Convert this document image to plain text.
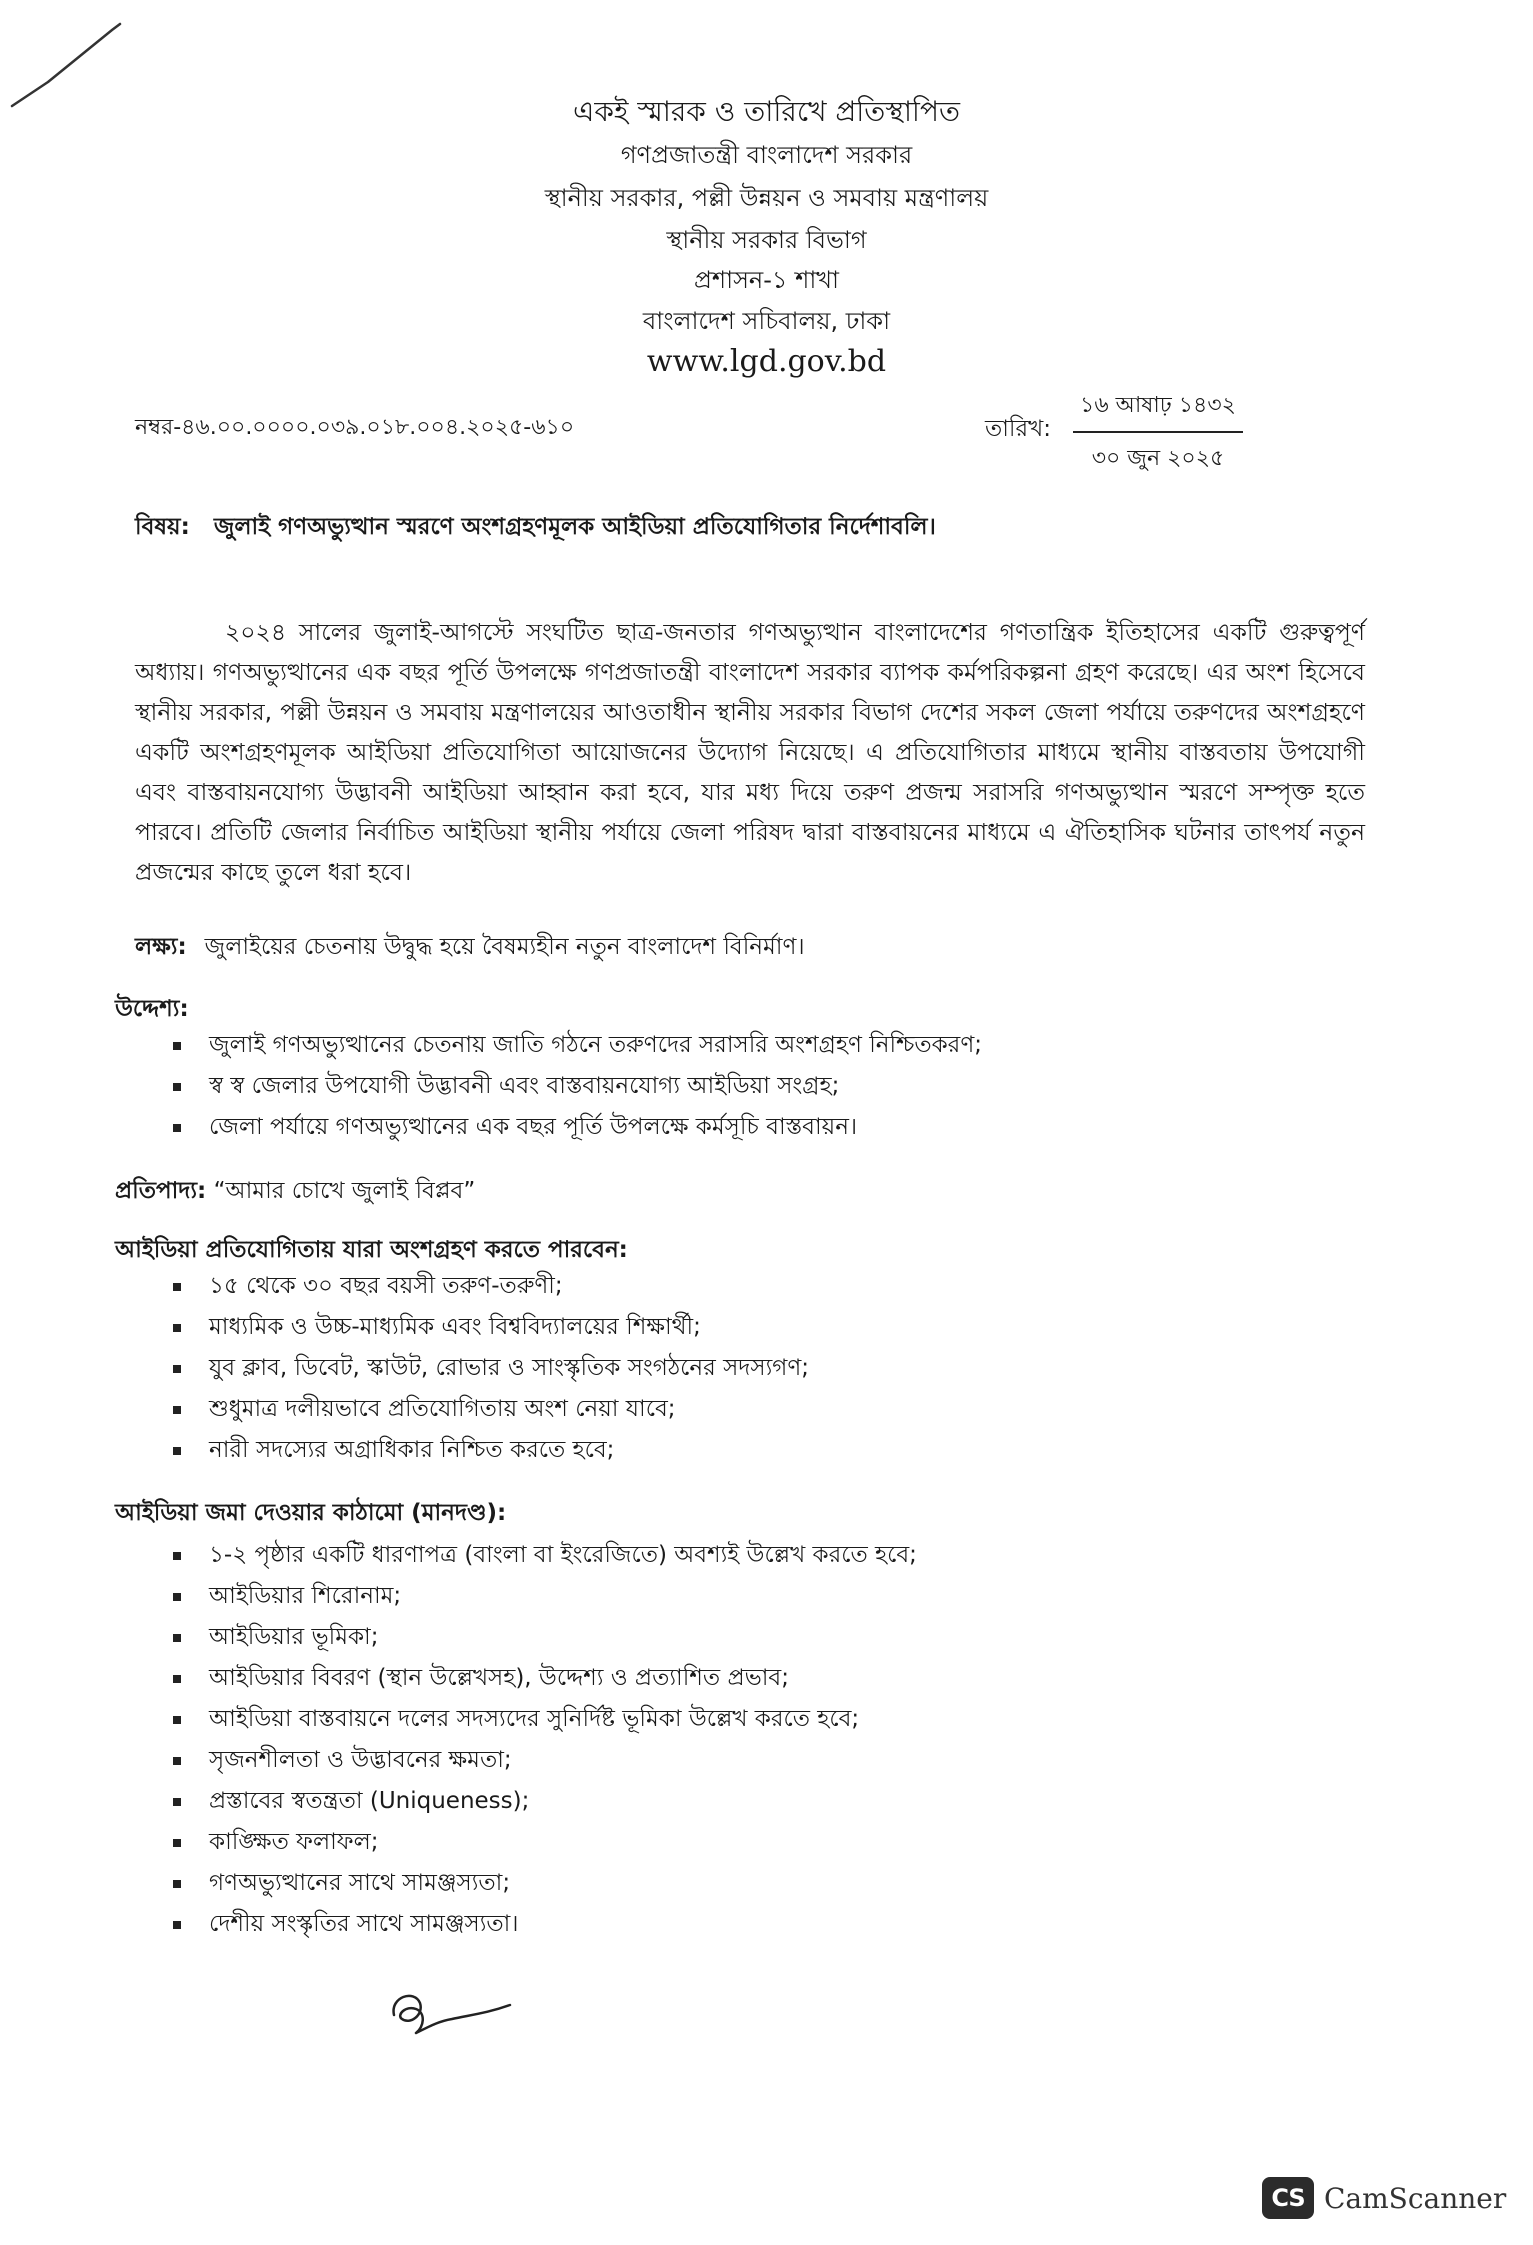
একই স্মারক ও তারিখে প্রতিস্থাপিত
গণপ্রজাতন্ত্রী বাংলাদেশ সরকার
স্থানীয় সরকার, পল্লী উন্নয়ন ও সমবায় মন্ত্রণালয়
স্থানীয় সরকার বিভাগ
প্রশাসন-১ শাখা
বাংলাদেশ সচিবালয়, ঢাকা
www.lgd.gov.bd
নম্বর-৪৬.০০.০০০০.০৩৯.০১৮.০০৪.২০২৫-৬১০	তারিখ:
১৬ আষাঢ় ১৪৩২
৩০ জুন ২০২৫
বিষয়: জুলাই গণঅভ্যুত্থান স্মরণে অংশগ্রহণমূলক আইডিয়া প্রতিযোগিতার নির্দেশাবলি।
২০২৪ সালের জুলাই-আগস্টে সংঘটিত ছাত্র-জনতার গণঅভ্যুত্থান বাংলাদেশের গণতান্ত্রিক ইতিহাসের একটি গুরুত্বপূর্ণ অধ্যায়। গণঅভ্যুত্থানের এক বছর পূর্তি উপলক্ষে গণপ্রজাতন্ত্রী বাংলাদেশ সরকার ব্যাপক কর্মপরিকল্পনা গ্রহণ করেছে। এর অংশ হিসেবে স্থানীয় সরকার, পল্লী উন্নয়ন ও সমবায় মন্ত্রণালয়ের আওতাধীন স্থানীয় সরকার বিভাগ দেশের সকল জেলা পর্যায়ে তরুণদের অংশগ্রহণে একটি অংশগ্রহণমূলক আইডিয়া প্রতিযোগিতা আয়োজনের উদ্যোগ নিয়েছে। এ প্রতিযোগিতার মাধ্যমে স্থানীয় বাস্তবতায় উপযোগী এবং বাস্তবায়নযোগ্য উদ্ভাবনী আইডিয়া আহ্বান করা হবে, যার মধ্য দিয়ে তরুণ প্রজন্ম সরাসরি গণঅভ্যুত্থান স্মরণে সম্পৃক্ত হতে পারবে। প্রতিটি জেলার নির্বাচিত আইডিয়া স্থানীয় পর্যায়ে জেলা পরিষদ দ্বারা বাস্তবায়নের মাধ্যমে এ ঐতিহাসিক ঘটনার তাৎপর্য নতুন প্রজন্মের কাছে তুলে ধরা হবে।
লক্ষ্য: জুলাইয়ের চেতনায় উদ্বুদ্ধ হয়ে বৈষম্যহীন নতুন বাংলাদেশ বিনির্মাণ।
উদ্দেশ্য:
জুলাই গণঅভ্যুত্থানের চেতনায় জাতি গঠনে তরুণদের সরাসরি অংশগ্রহণ নিশ্চিতকরণ;
স্ব স্ব জেলার উপযোগী উদ্ভাবনী এবং বাস্তবায়নযোগ্য আইডিয়া সংগ্রহ;
জেলা পর্যায়ে গণঅভ্যুত্থানের এক বছর পূর্তি উপলক্ষে কর্মসূচি বাস্তবায়ন।
প্রতিপাদ্য: “আমার চোখে জুলাই বিপ্লব”
আইডিয়া প্রতিযোগিতায় যারা অংশগ্রহণ করতে পারবেন:
১৫ থেকে ৩০ বছর বয়সী তরুণ-তরুণী;
মাধ্যমিক ও উচ্চ-মাধ্যমিক এবং বিশ্ববিদ্যালয়ের শিক্ষার্থী;
যুব ক্লাব, ডিবেট, স্কাউট, রোভার ও সাংস্কৃতিক সংগঠনের সদস্যগণ;
শুধুমাত্র দলীয়ভাবে প্রতিযোগিতায় অংশ নেয়া যাবে;
নারী সদস্যের অগ্রাধিকার নিশ্চিত করতে হবে;
আইডিয়া জমা দেওয়ার কাঠামো (মানদণ্ড):
১-২ পৃষ্ঠার একটি ধারণাপত্র (বাংলা বা ইংরেজিতে) অবশ্যই উল্লেখ করতে হবে;
আইডিয়ার শিরোনাম;
আইডিয়ার ভূমিকা;
আইডিয়ার বিবরণ (স্থান উল্লেখসহ), উদ্দেশ্য ও প্রত্যাশিত প্রভাব;
আইডিয়া বাস্তবায়নে দলের সদস্যদের সুনির্দিষ্ট ভূমিকা উল্লেখ করতে হবে;
সৃজনশীলতা ও উদ্ভাবনের ক্ষমতা;
প্রস্তাবের স্বতন্ত্রতা (Uniqueness);
কাঙ্ক্ষিত ফলাফল;
গণঅভ্যুত্থানের সাথে সামঞ্জস্যতা;
দেশীয় সংস্কৃতির সাথে সামঞ্জস্যতা।
CS CamScanner
